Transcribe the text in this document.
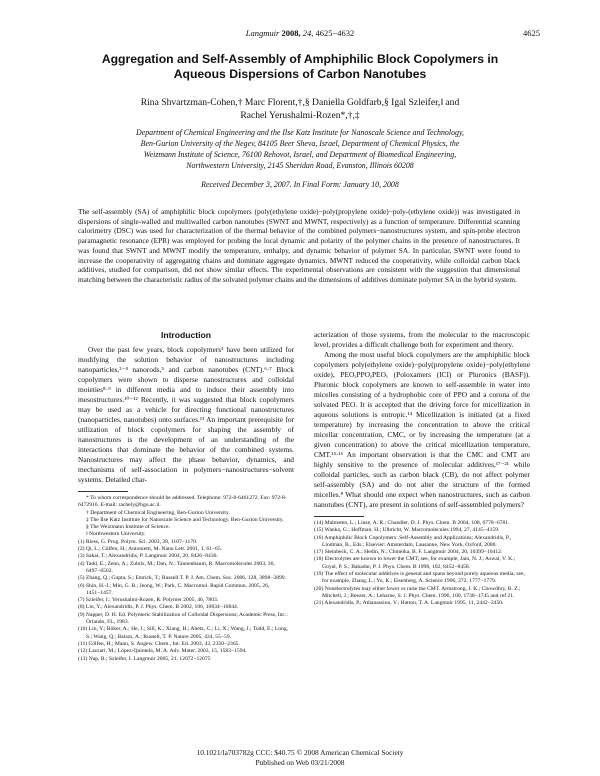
Langmuir 2008, 24, 4625−4632	4625
Aggregation and Self-Assembly of Amphiphilic Block Copolymers in
Aqueous Dispersions of Carbon Nanotubes
Rina Shvartzman-Cohen,† Marc Florent,†,§ Daniella Goldfarb,§ Igal Szleifer,‖ and
Rachel Yerushalmi-Rozen*,†,‡
Department of Chemical Engineering and the Ilse Katz Institute for Nanoscale Science and Technology,
Ben-Gurion University of the Negev, 84105 Beer Sheva, Israel, Department of Chemical Physics, the
Weizmann Institute of Science, 76100 Rehovot, Israel, and Department of Biomedical Engineering,
Northwestern University, 2145 Sheridan Road, Evanston, Illinois 60208
Received December 3, 2007. In Final Form: January 10, 2008
The self-assembly (SA) of amphiphilic block copolymers (poly(ethylene oxide)−poly(propylene oxide)−poly-(ethylene oxide)) was investigated in dispersions of single-walled and multiwalled carbon nanotubes (SWNT and MWNT, respectively) as a function of temperature. Differential scanning calorimetry (DSC) was used for characterization of the thermal behavior of the combined polymers−nanostructures system, and spin-probe electron paramagnetic resonance (EPR) was employed for probing the local dynamic and polarity of the polymer chains in the presence of nanostructures. It was found that SWNT and MWNT modify the temperature, enthalpy, and dynamic behavior of polymer SA. In particular, SWNT were found to increase the cooperativity of aggregating chains and dominate aggregate dynamics. MWNT reduced the cooperativity, while colloidal carbon black additives, studied for comparison, did not show similar effects. The experimental observations are consistent with the suggestion that dimensional matching between the characteristic radius of the solvated polymer chains and the dimensions of additives dominate polymer SA in the hybrid system.
Introduction

Over the past few years, block copolymers¹ have been utilized for modifying the solution behavior of nanostructures including nanoparticles,²⁻⁴ nanorods,⁵ and carbon nanotubes (CNT).⁶·⁷ Block copolymers were shown to disperse nanostructures and colloidal moieties⁸·⁹ in different media and to induce their assembly into mesostructures.¹⁰⁻¹² Recently, it was suggested that block copolymers may be used as a vehicle for directing functional nanostructures (nanoparticles, nanotubes) onto surfaces.¹³ An important prerequisite for utilization of block copolymers for shaping the assembly of nanostructures is the development of an understanding of the interactions that dominate the behavior of the combined systems. Nanostructures may affect the phase behavior, dynamics, and mechanisms of self-association in polymers−nanostructures−solvent systems. Detailed char-

* To whom correspondence should be addressed. Telephone: 972-8-6461272. Fax: 972-8-6472916. E-mail: rachely@bgu.ac.il.
† Department of Chemical Engineering, Ben-Gurion University.
‡ The Ilse Katz Institute for Nanoscale Science and Technology, Ben-Gurion University.
§ The Weizmann Institute of Science.
‖ Northwestern University.
(1) Riess, G. Prog. Polym. Sci. 2003, 28, 1107−1170.
(2) Qi, L.; Cölfen, H.; Antonietti, M. Nano Lett. 2001, 1, 61−65.
(3) Sakai, T.; Alexandridis, P. Langmuir 2004, 20, 8426−8430.
(4) Tadd, E.; Zeno, A.; Zubris, M.; Dan, N.; Tannenbaum, R. Macromolecules 2003, 36, 6497−6502.
(5) Zhang, Q.; Gupta, S.; Emrick, T.; Russell T. P. J. Am. Chem. Soc. 2006, 128, 3898−3899.
(6) Shin, H.-I.; Min, G. B.; Jeong, W.; Park, C. Macromol. Rapid Commun. 2005, 26, 1451−1457.
(7) Szleifer, I.; Yerushalmi-Rozen, R. Polymer 2005, 46, 7803.
(8) Lin, Y.; Alexandridis, P. J. Phys. Chem. B 2002, 106, 10834−10844.
(9) Napper, D. H. Ed. Polymeric Stabilization of Colloidal Dispersions; Academic Press, Inc.: Orlando, FL, 1983.
(10) Lin, Y.; Böker, A.; He, J.; Sill, K.; Xiang, H.; Abetz, C.; Li, X.; Wang, J.; Todd, E.; Long, S.; Wang, Q.; Balazs, A.; Russell, T. P. Nature 2005, 434, 55−59.
(11) Cölfen, H.; Mann, S. Angew. Chem., Int. Ed. 2003, 42, 2350−2365.
(12) Lazzari, M.; López-Quintela, M. A. Adv. Mater. 2003, 15, 1583−1594.
(13) Nap, R.; Szleifer, I. Langmuir 2005, 21, 12072−12075

acterization of those systems, from the molecular to the macroscopic level, provides a difficult challenge both for experiment and theory.

Among the most useful block copolymers are the amphiphilic block copolymers poly(ethylene oxide)−poly(propylene oxide)−poly(ethylene oxide), PEOₓPPOᵧPEOₓ (Poloxamers (ICI) or Pluronics (BASF)). Pluronic block copolymers are known to self-assemble in water into micelles consisting of a hydrophobic core of PPO and a corona of the solvated PEO. It is accepted that the driving force for micellization in aqueous solutions is entropic.¹⁴ Micellization is initiated (at a fixed temperature) by increasing the concentration to above the critical micellar concentration, CMC, or by increasing the temperature (at a given concentration) to above the critical micellization temperature, CMT.¹⁵·¹⁶ An important observation is that the CMC and CMT are highly sensitive to the presence of molecular additives,¹⁷⁻²¹ while colloidal particles, such as carbon black (CB), do not affect polymer self-assembly (SA) and do not alter the structure of the formed micelles.⁸ What should one expect when nanostructures, such as carbon nanotubes (CNT), are present in solutions of self-assembled polymers?

(14) Malmsten, L.; Linse, A. R.; Chandler, D. J. Phys. Chem. B 2004, 108, 6778−6781.
(15) Wanka, G.; Hoffman, H.; Ulbricht, W. Macromolecules 1994, 27, 4145−4159.
(16) Amphiphilic Block Copolymers: Self-Assembly and Applications; Alexandridis, P., Lindman, B., Eds.; Elsevier: Amsterdam, Lausanne, New York, Oxford, 2000.
(17) Steinbeck, C. A.; Hedin, N.; Chmelka, B. F. Langmuir 2004, 20, 10399−10412.
(18) Electrolytes are known to lower the CMT; see, for example, Jain, N. J.; Aswal, V. K.; Goyal, P. S.; Bahadur, P. J. Phys. Chem. B 1998, 102, 8452−8458.
(19) The effect of molecular additives is general and spans beyond purely aqueous media; see, for example, Zhang, L.; Yu, K.; Eisenberg, A. Science 1996, 272, 1777−1779.
(20) Nonelectrolytes may either lower or raise the CMT. Armstrong, J. K.; Chowdhry, B. Z.; Mitchell, J.; Beezer, A.; Leharne, S. J. Phys. Chem. 1996, 100, 1738−1745 and ref 21.
(21) Alexandridis, P.; Athanassiou, V.; Hatton, T. A. Langmuir 1995, 11, 2442−2450.
10.1021/la703782g CCC: $40.75 © 2008 American Chemical Society
Published on Web 03/21/2008
